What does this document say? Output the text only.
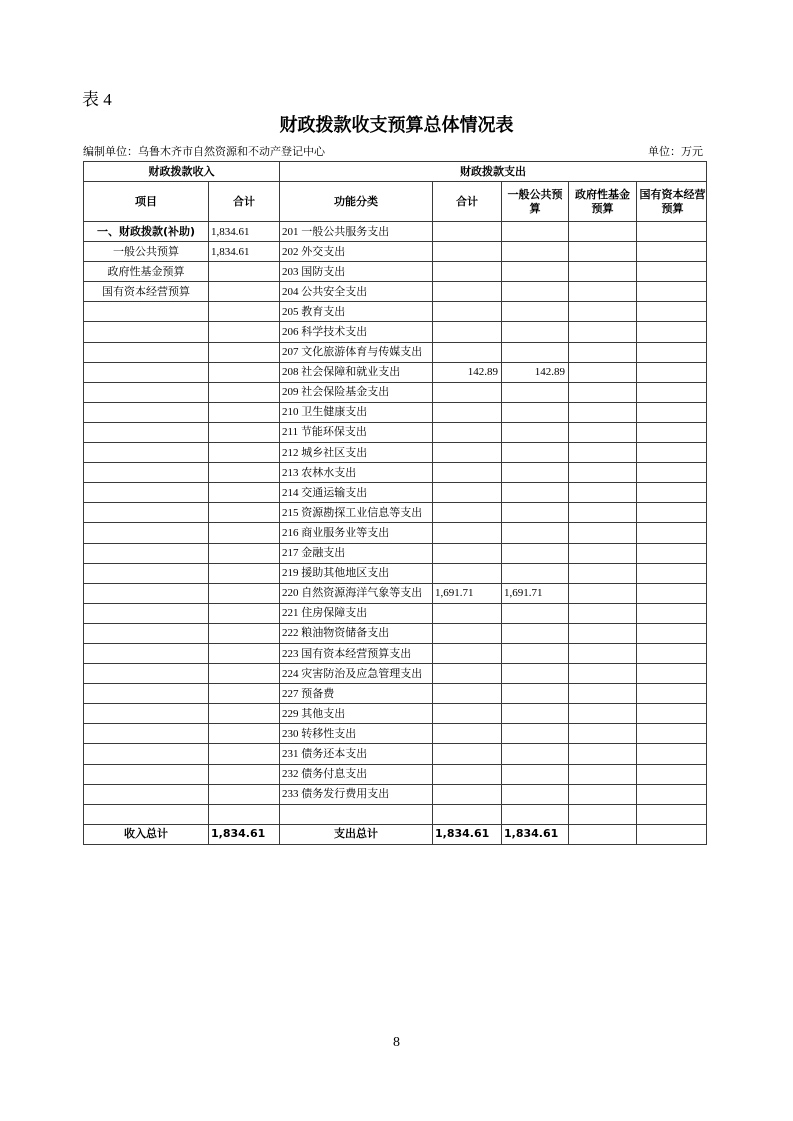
表 4
财政拨款收支预算总体情况表
编制单位：乌鲁木齐市自然资源和不动产登记中心	单位：万元
财政拨款收入		财政拨款支出				
项目	合计	功能分类	合计	一般公共预算	政府性基金预算	国有资本经营预算
一、财政拨款(补助)	1,834.61	201 一般公共服务支出				
一般公共预算	1,834.61	202 外交支出				
政府性基金预算		203 国防支出				
国有资本经营预算		204 公共安全支出				
		205 教育支出				
		206 科学技术支出				
		207 文化旅游体育与传媒支出				
		208 社会保障和就业支出	142.89	142.89		
		209 社会保险基金支出				
		210 卫生健康支出				
		211 节能环保支出				
		212 城乡社区支出				
		213 农林水支出				
		214 交通运输支出				
		215 资源勘探工业信息等支出				
		216 商业服务业等支出				
		217 金融支出				
		219 援助其他地区支出				
		220 自然资源海洋气象等支出	1,691.71	1,691.71		
		221 住房保障支出				
		222 粮油物资储备支出				
		223 国有资本经营预算支出				
		224 灾害防治及应急管理支出				
		227 预备费				
		229 其他支出				
		230 转移性支出				
		231 债务还本支出				
		232 债务付息支出				
		233 债务发行费用支出				

收入总计	1,834.61	支出总计	1,834.61	1,834.61		
8
